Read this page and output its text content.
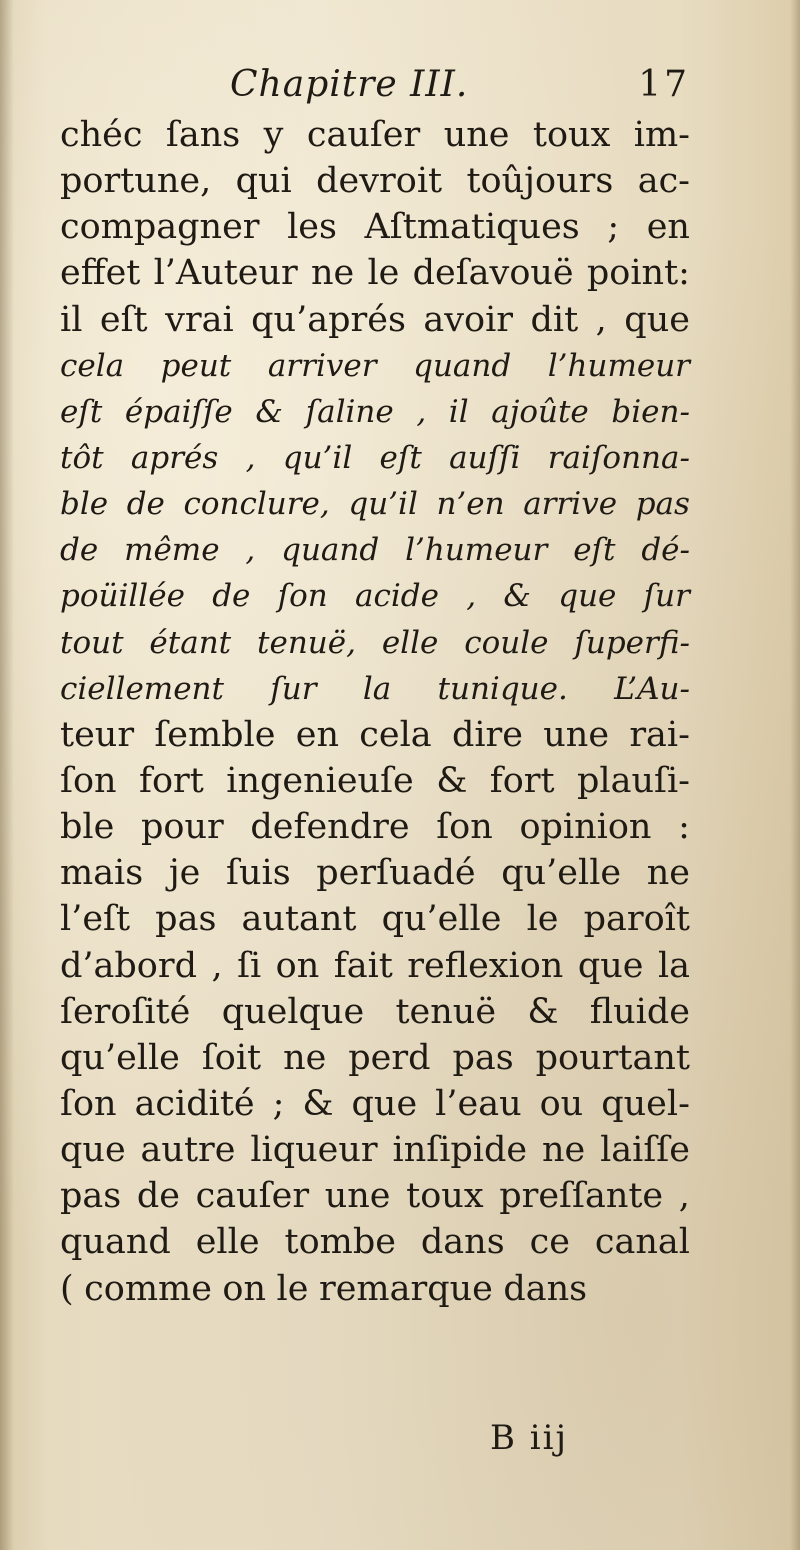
Chapitre III.	17
chéc ſans y cauſer une toux im-
portune, qui devroit toûjours ac-
compagner les Aſtmatiques ; en
effet l’Auteur ne le deſavouë point:
il eſt vrai qu’aprés avoir dit , que
cela peut arriver quand l’humeur
eſt épaiſſe & ſaline , il ajoûte bien-
tôt aprés , qu’il eſt auſſi raiſonna-
ble de conclure, qu’il n’en arrive pas
de même , quand l’humeur eſt dé-
poüillée de ſon acide , & que ſur
tout étant tenuë, elle coule ſuperfi-
ciellement ſur la tunique. L’Au-
teur ſemble en cela dire une rai-
ſon fort ingenieuſe & fort plauſi-
ble pour defendre ſon opinion :
mais je ſuis perſuadé qu’elle ne
l’eſt pas autant qu’elle le paroît
d’abord , ſi on fait reflexion que la
ſeroſité quelque tenuë & fluide
qu’elle ſoit ne perd pas pourtant
ſon acidité ; & que l’eau ou quel-
que autre liqueur inſipide ne laiſſe
pas de cauſer une toux preſſante ,
quand elle tombe dans ce canal
( comme on le remarque dans
B iij
